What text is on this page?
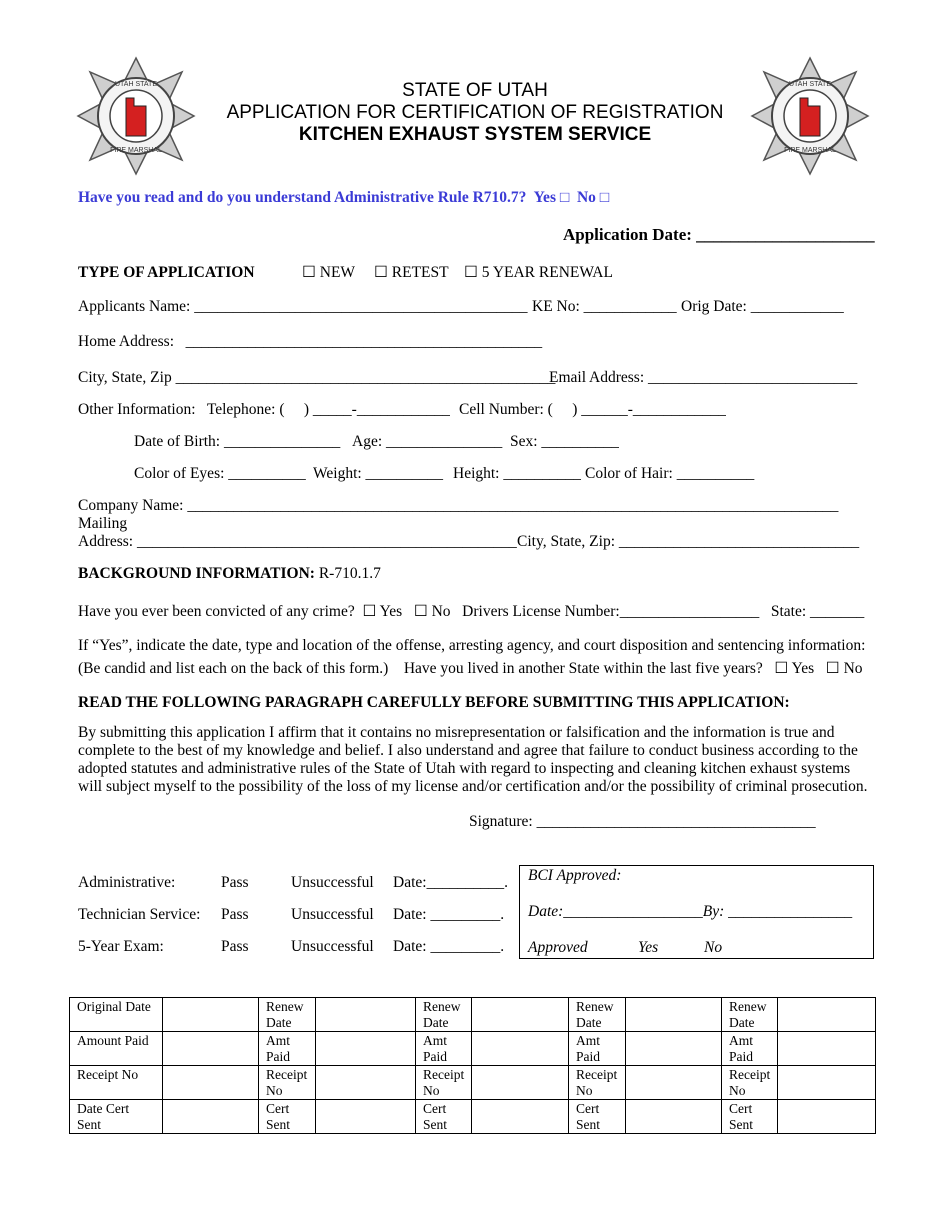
UTAH STATE
FIRE MARSHAL
UTAH STATE
FIRE MARSHAL
STATE OF UTAH
APPLICATION FOR CERTIFICATION OF REGISTRATION
KITCHEN EXHAUST SYSTEM SERVICE
Have you read and do you understand Administrative Rule R710.7?  Yes □  No □
Application Date: _____________________
TYPE OF APPLICATION	☐ NEW ☐ RETEST ☐ 5 YEAR RENEWAL
Applicants Name: ___________________________________________ KE No: ____________ Orig Date: ____________
Home Address:   ______________________________________________
City, State, Zip _________________________________________________
Email Address: ___________________________
Other Information:   Telephone: (     ) _____-____________ Cell Number: (     ) ______-____________
Date of Birth: _______________ Age: _______________ Sex: __________
Color of Eyes: __________ Weight: __________ Height: __________ Color of Hair: __________
Company Name: ____________________________________________________________________________________
Mailing
Address: _________________________________________________ City, State, Zip: _______________________________
BACKGROUND INFORMATION: R-710.1.7
Have you ever been convicted of any crime?  ☐ Yes   ☐ No   Drivers License Number:__________________   State: _______
If “Yes”, indicate the date, type and location of the offense, arresting agency, and court disposition and sentencing information:
(Be candid and list each on the back of this form.)    Have you lived in another State within the last five years?   ☐ Yes   ☐ No
READ THE FOLLOWING PARAGRAPH CAREFULLY BEFORE SUBMITTING THIS APPLICATION:
By submitting this application I affirm that it contains no misrepresentation or falsification and the information is true and complete to the best of my knowledge and belief. I also understand and agree that failure to conduct business according to the adopted statutes and administrative rules of the State of Utah with regard to inspecting and cleaning kitchen exhaust systems will subject myself to the possibility of the loss of my license and/or certification and/or the possibility of criminal prosecution.
Signature: ____________________________________
Administrative:	Pass	Unsuccessful Date:__________.
Technician Service: Pass	Unsuccessful Date: _________.
5-Year Exam:	Pass	Unsuccessful Date: _________.
BCI Approved:
Date:__________________By: ________________
Approved	Yes	No
Original Date		Renew Date		Renew Date		Renew Date		Renew Date	
Amount Paid		Amt Paid		Amt Paid		Amt Paid		Amt Paid	
Receipt No		Receipt No		Receipt No		Receipt No		Receipt No	
Date Cert Sent		Cert Sent		Cert Sent		Cert Sent		Cert Sent	
